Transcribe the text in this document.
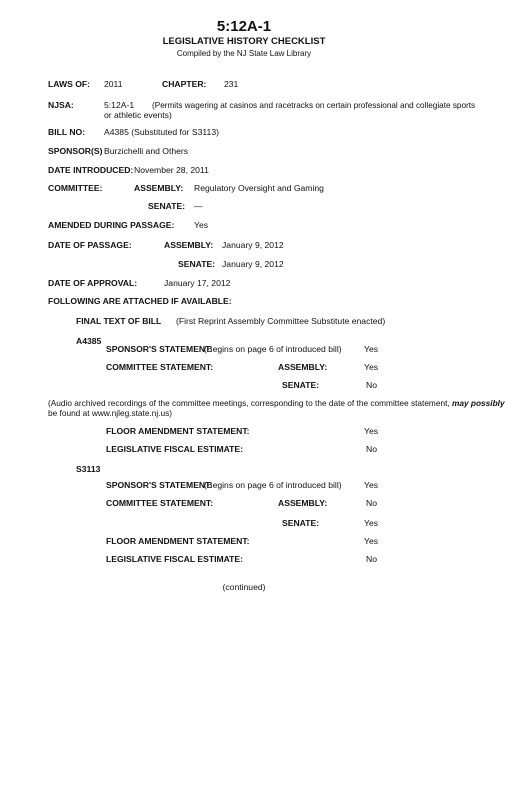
5:12A-1
LEGISLATIVE HISTORY CHECKLIST
Compiled by the NJ State Law Library
LAWS OF: 2011	CHAPTER: 231
NJSA:	5:12A-1 (Permits wagering at casinos and racetracks on certain professional and collegiate sports
or athletic events)
BILL NO: A4385 (Substituted for S3113)
SPONSOR(S) Burzichelli and Others
DATE INTRODUCED: November 28, 2011
COMMITTEE:	ASSEMBLY: Regulatory Oversight and Gaming
SENATE: —
AMENDED DURING PASSAGE: Yes
DATE OF PASSAGE:	ASSEMBLY: January 9, 2012
SENATE: January 9, 2012
DATE OF APPROVAL:	January 17, 2012
FOLLOWING ARE ATTACHED IF AVAILABLE:
FINAL TEXT OF BILL (First Reprint Assembly Committee Substitute enacted)
A4385
SPONSOR'S STATEMENT:
(Begins on page 6 of introduced bill)	Yes
COMMITTEE STATEMENT:	ASSEMBLY:	Yes
SENATE:	No
(Audio archived recordings of the committee meetings, corresponding to the date of the committee statement, may possibly
be found at www.njleg.state.nj.us)
FLOOR AMENDMENT STATEMENT:	Yes
LEGISLATIVE FISCAL ESTIMATE:	No
S3113
SPONSOR'S STATEMENT:
(Begins on page 6 of introduced bill)	Yes
COMMITTEE STATEMENT:	ASSEMBLY:	No
SENATE:	Yes
FLOOR AMENDMENT STATEMENT:	Yes
LEGISLATIVE FISCAL ESTIMATE:	No
(continued)
